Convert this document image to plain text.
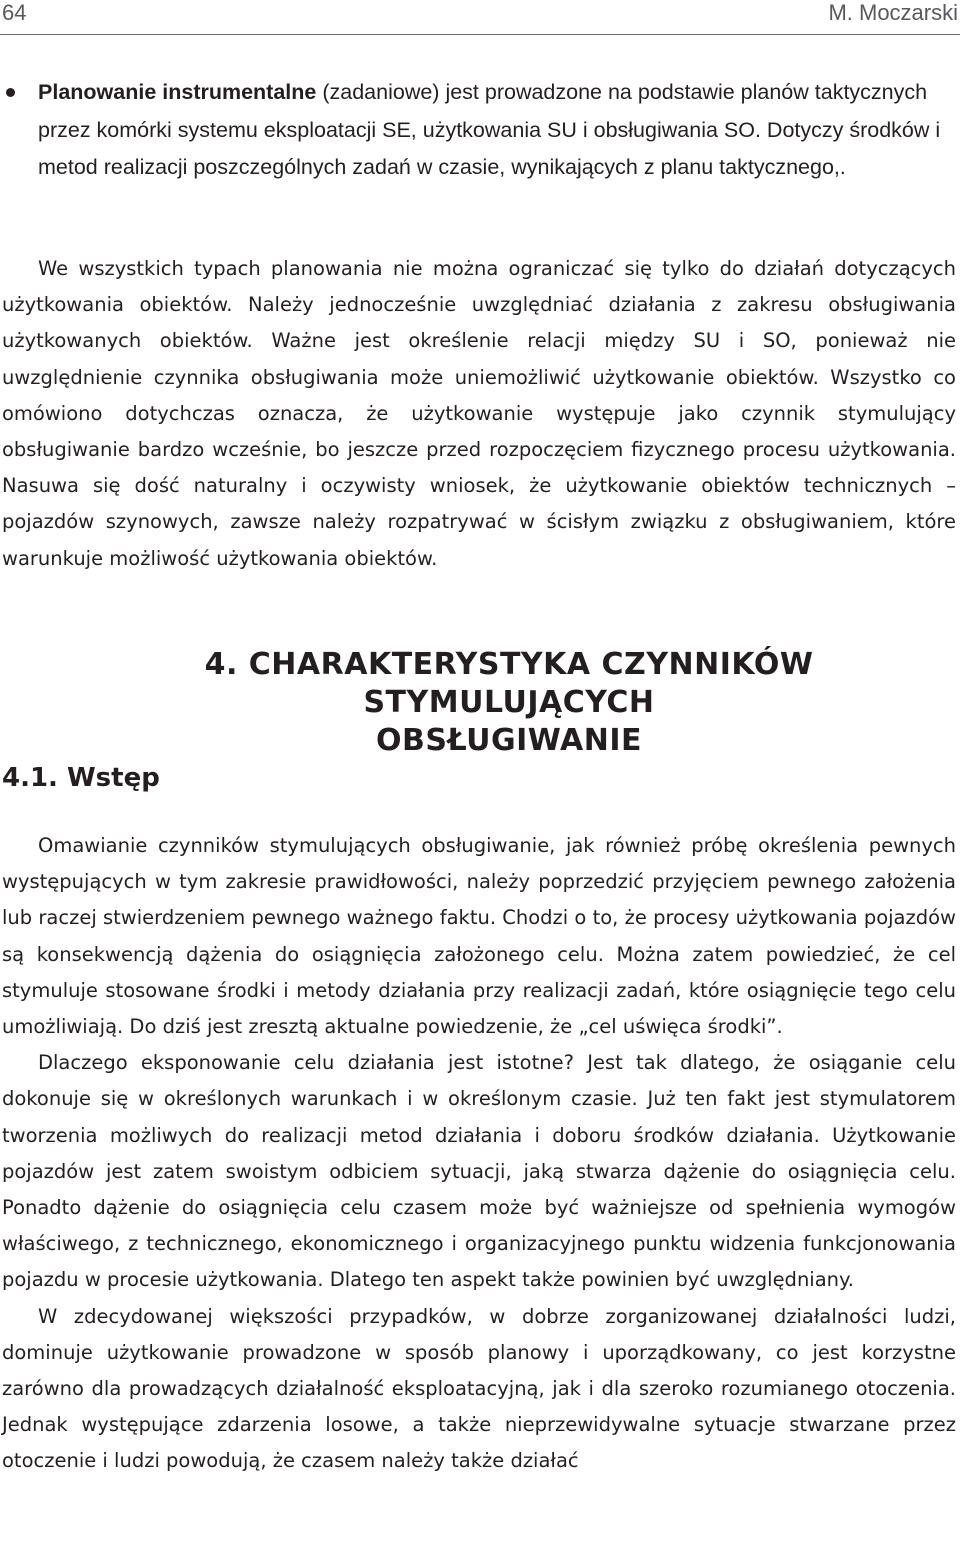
64	M. Moczarski
Planowanie instrumentalne (zadaniowe) jest prowadzone na podstawie planów taktycznych przez komórki systemu eksploatacji SE, użytkowania SU i obsługiwania SO. Dotyczy środków i metod realizacji poszczególnych zadań w czasie, wynikających z planu taktycznego,.

We wszystkich typach planowania nie można ograniczać się tylko do działań dotyczących użytkowania obiektów. Należy jednocześnie uwzględniać działania z zakresu obsługiwania użytkowanych obiektów. Ważne jest określenie relacji między SU i SO, ponieważ nie uwzględnienie czynnika obsługiwania może uniemożliwić użytkowanie obiektów. Wszystko co omówiono dotychczas oznacza, że użytkowanie występuje jako czynnik stymulujący obsługiwanie bardzo wcześnie, bo jeszcze przed rozpoczęciem fizycznego procesu użytkowania. Nasuwa się dość naturalny i oczywisty wniosek, że użytkowanie obiektów technicznych – pojazdów szynowych, zawsze należy rozpatrywać w ścisłym związku z obsługiwaniem, które warunkuje możliwość użytkowania obiektów.

4. CHARAKTERYSTYKA CZYNNIKÓW STYMULUJĄCYCH
OBSŁUGIWANIE
4.1. Wstęp

Omawianie czynników stymulujących obsługiwanie, jak również próbę określenia pewnych występujących w tym zakresie prawidłowości, należy poprzedzić przyjęciem pewnego założenia lub raczej stwierdzeniem pewnego ważnego faktu. Chodzi o to, że procesy użytkowania pojazdów są konsekwencją dążenia do osiągnięcia założonego celu. Można zatem powiedzieć, że cel stymuluje stosowane środki i metody działania przy realizacji zadań, które osiągnięcie tego celu umożliwiają. Do dziś jest zresztą aktualne powiedzenie, że „cel uświęca środki”.

Dlaczego eksponowanie celu działania jest istotne? Jest tak dlatego, że osiąganie celu dokonuje się w określonych warunkach i w określonym czasie. Już ten fakt jest stymulatorem tworzenia możliwych do realizacji metod działania i doboru środków działania. Użytkowanie pojazdów jest zatem swoistym odbiciem sytuacji, jaką stwarza dążenie do osiągnięcia celu. Ponadto dążenie do osiągnięcia celu czasem może być ważniejsze od spełnienia wymogów właściwego, z technicznego, ekonomicznego i organizacyjnego punktu widzenia funkcjonowania pojazdu w procesie użytkowania. Dlatego ten aspekt także powinien być uwzględniany.

W zdecydowanej większości przypadków, w dobrze zorganizowanej działalności ludzi, dominuje użytkowanie prowadzone w sposób planowy i uporządkowany, co jest korzystne zarówno dla prowadzących działalność eksploatacyjną, jak i dla szeroko rozumianego otoczenia. Jednak występujące zdarzenia losowe, a także nieprzewidywalne sytuacje stwarzane przez otoczenie i ludzi powodują, że czasem należy także działać
